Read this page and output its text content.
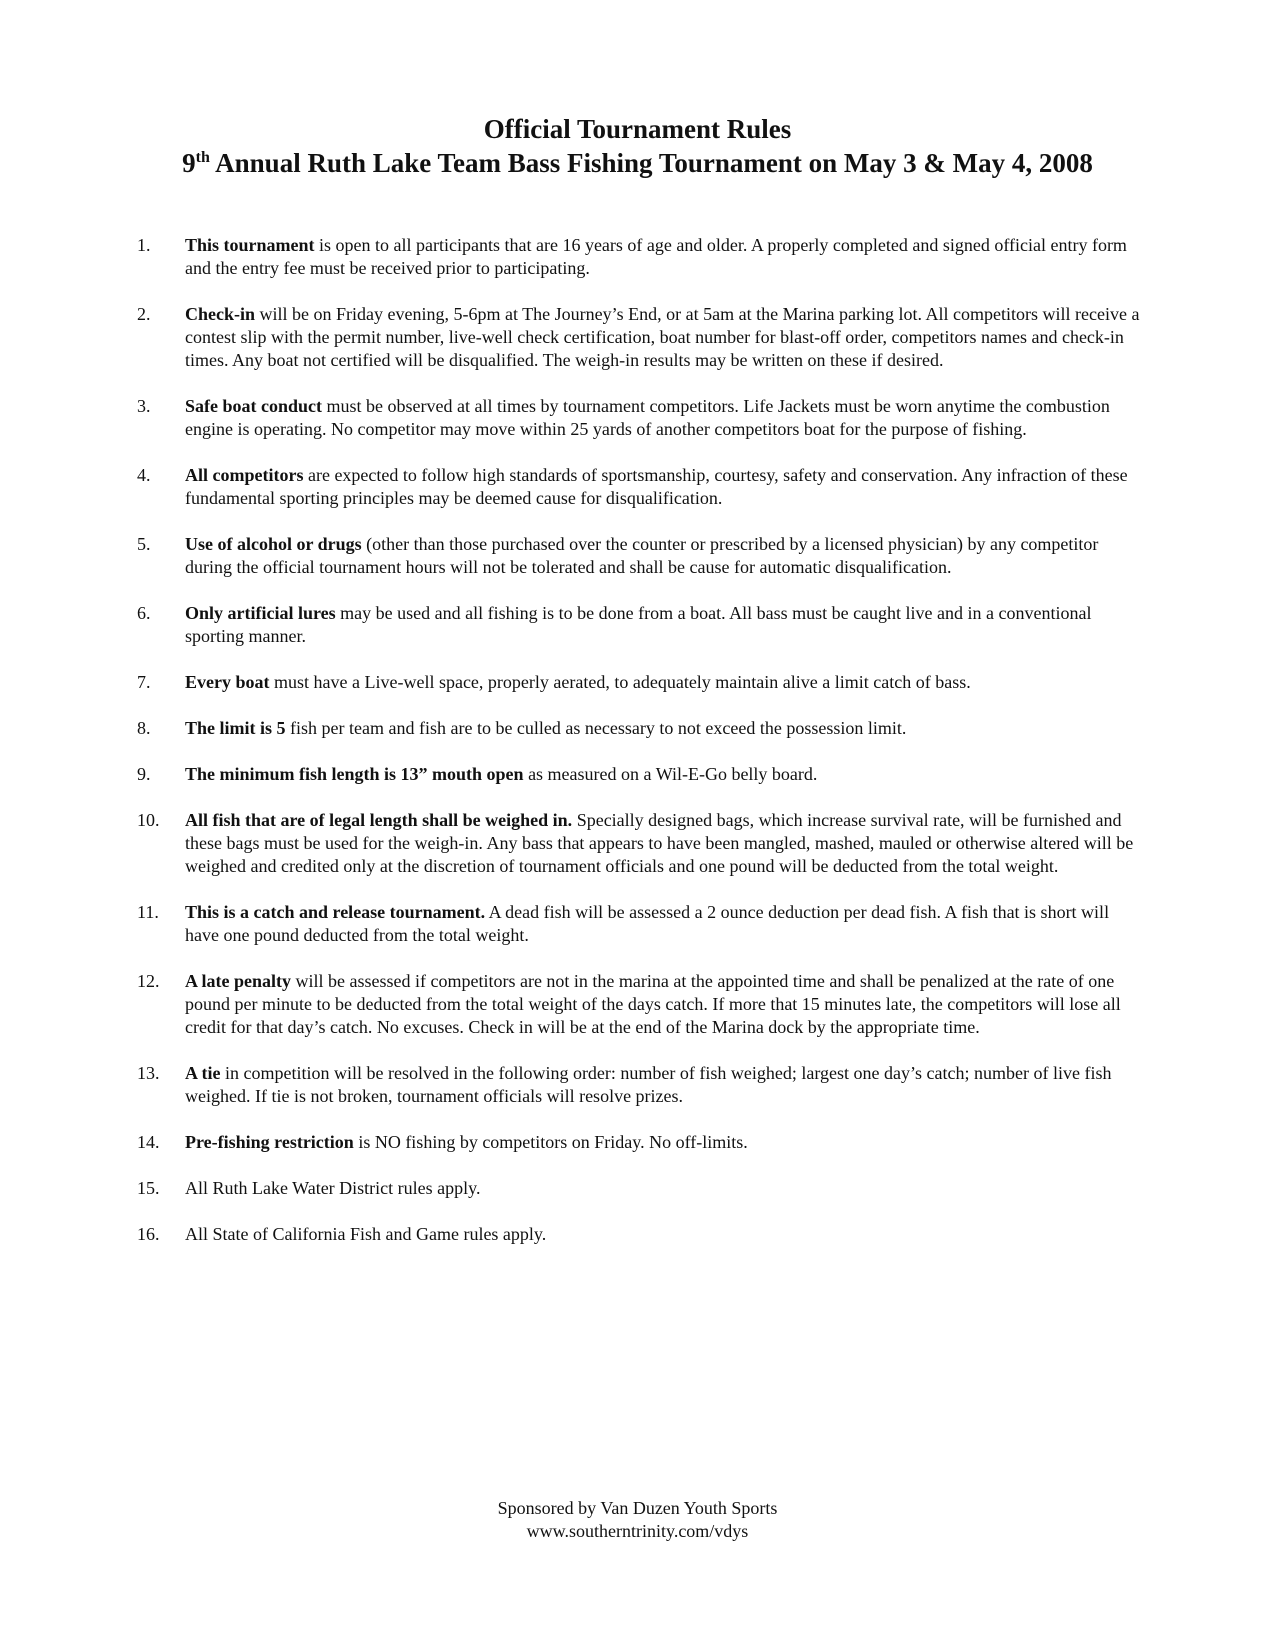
Official Tournament Rules
9th Annual Ruth Lake Team Bass Fishing Tournament on May 3 & May 4, 2008
1.	This tournament is open to all participants that are 16 years of age and older. A properly completed and signed official entry form and the entry fee must be received prior to participating.
2.	Check-in will be on Friday evening, 5-6pm at The Journey’s End, or at 5am at the Marina parking lot. All competitors will receive a contest slip with the permit number, live-well check certification, boat number for blast-off order, competitors names and check-in times. Any boat not certified will be disqualified. The weigh-in results may be written on these if desired.
3.	Safe boat conduct must be observed at all times by tournament competitors. Life Jackets must be worn anytime the combustion engine is operating. No competitor may move within 25 yards of another competitors boat for the purpose of fishing.
4.	All competitors are expected to follow high standards of sportsmanship, courtesy, safety and conservation. Any infraction of these fundamental sporting principles may be deemed cause for disqualification.
5.	Use of alcohol or drugs (other than those purchased over the counter or prescribed by a licensed physician) by any competitor during the official tournament hours will not be tolerated and shall be cause for automatic disqualification.
6.	Only artificial lures may be used and all fishing is to be done from a boat. All bass must be caught live and in a conventional sporting manner.
7.	Every boat must have a Live-well space, properly aerated, to adequately maintain alive a limit catch of bass.
8.	The limit is 5 fish per team and fish are to be culled as necessary to not exceed the possession limit.
9.	The minimum fish length is 13” mouth open as measured on a Wil-E-Go belly board.
10.	All fish that are of legal length shall be weighed in. Specially designed bags, which increase survival rate, will be furnished and these bags must be used for the weigh-in. Any bass that appears to have been mangled, mashed, mauled or otherwise altered will be weighed and credited only at the discretion of tournament officials and one pound will be deducted from the total weight.
11.	This is a catch and release tournament. A dead fish will be assessed a 2 ounce deduction per dead fish. A fish that is short will have one pound deducted from the total weight.
12.	A late penalty will be assessed if competitors are not in the marina at the appointed time and shall be penalized at the rate of one pound per minute to be deducted from the total weight of the days catch. If more that 15 minutes late, the competitors will lose all credit for that day’s catch. No excuses. Check in will be at the end of the Marina dock by the appropriate time.
13.	A tie in competition will be resolved in the following order: number of fish weighed; largest one day’s catch; number of live fish weighed. If tie is not broken, tournament officials will resolve prizes.
14.	Pre-fishing restriction is NO fishing by competitors on Friday. No off-limits.
15.	All Ruth Lake Water District rules apply.
16.	All State of California Fish and Game rules apply.
Sponsored by Van Duzen Youth Sports
www.southerntrinity.com/vdys
